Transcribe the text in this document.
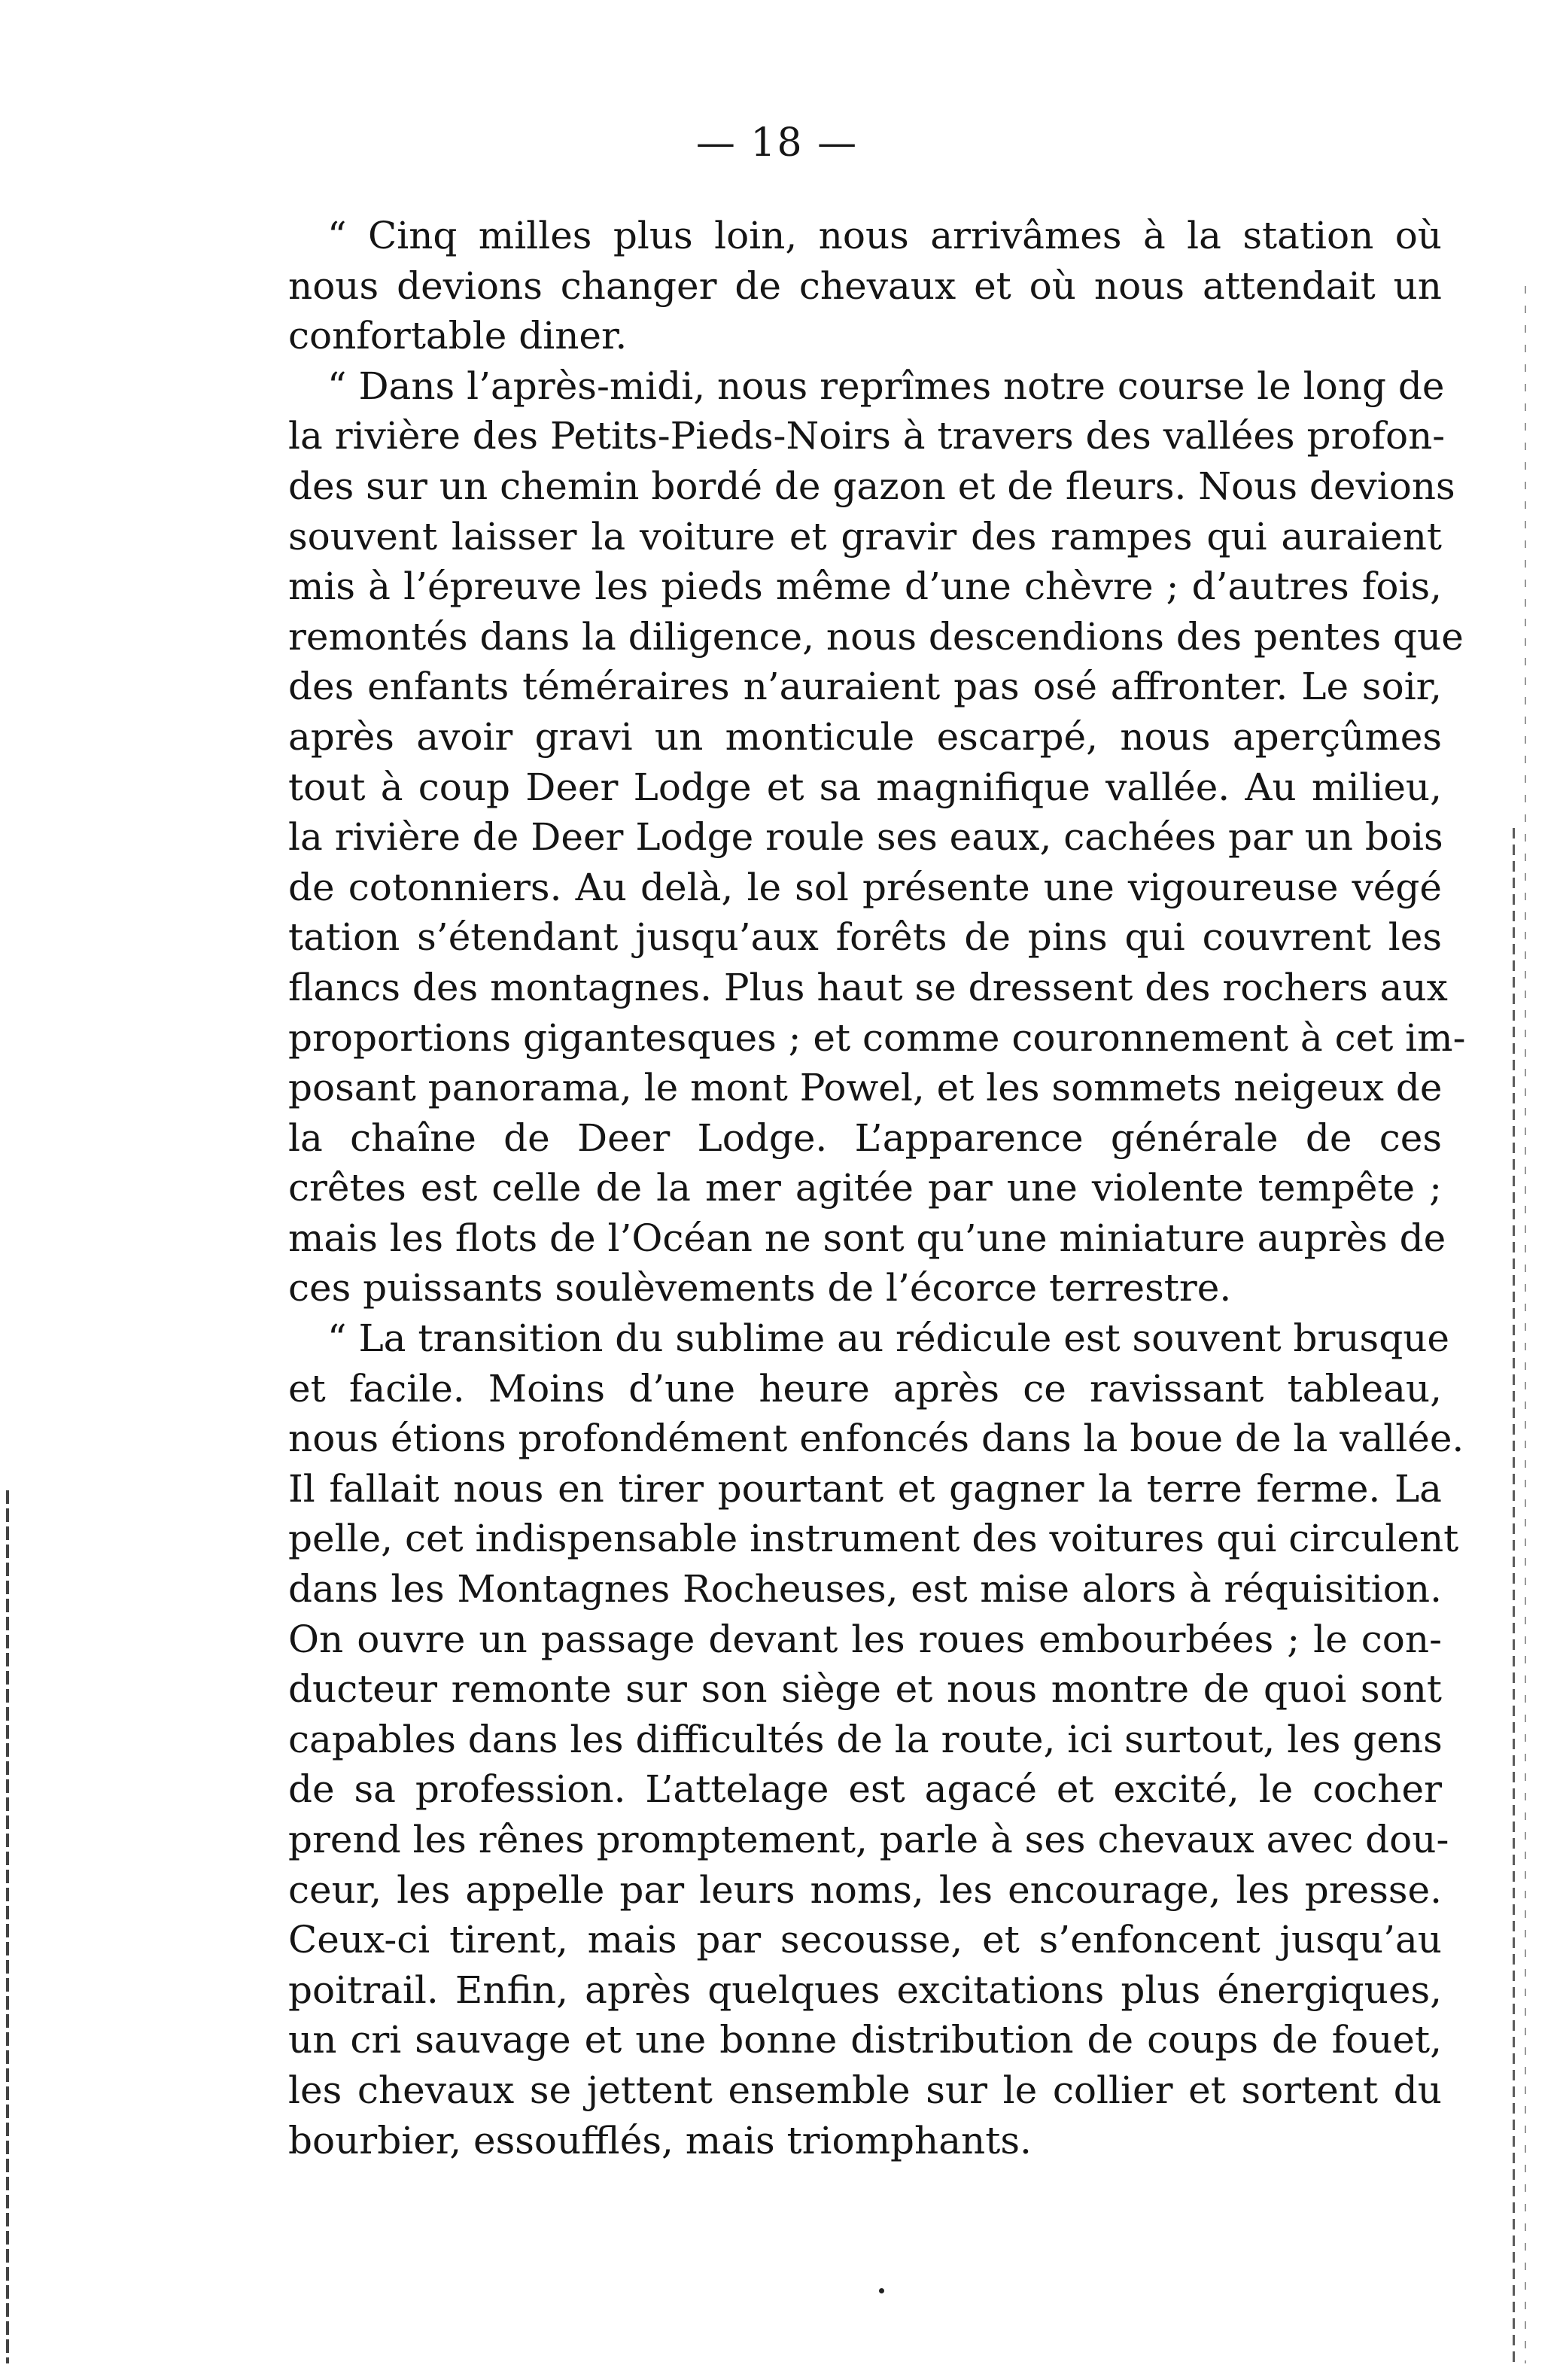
— 18 —
“ Cinq milles plus loin, nous arrivâmes à la station où
nous devions changer de chevaux et où nous attendait un
confortable diner.
“ Dans l’après-midi, nous reprîmes notre course le long de
la rivière des Petits-Pieds-Noirs à travers des vallées profon-
des sur un chemin bordé de gazon et de fleurs. Nous devions
souvent laisser la voiture et gravir des rampes qui auraient
mis à l’épreuve les pieds même d’une chèvre ; d’autres fois,
remontés dans la diligence, nous descendions des pentes que
des enfants téméraires n’auraient pas osé affronter. Le soir,
après avoir gravi un monticule escarpé, nous aperçûmes
tout à coup Deer Lodge et sa magnifique vallée. Au milieu,
la rivière de Deer Lodge roule ses eaux, cachées par un bois
de cotonniers. Au delà, le sol présente une vigoureuse végé
tation s’étendant jusqu’aux forêts de pins qui couvrent les
flancs des montagnes. Plus haut se dressent des rochers aux
proportions gigantesques ; et comme couronnement à cet im-
posant panorama, le mont Powel, et les sommets neigeux de
la chaîne de Deer Lodge. L’apparence générale de ces
crêtes est celle de la mer agitée par une violente tempête ;
mais les flots de l’Océan ne sont qu’une miniature auprès de
ces puissants soulèvements de l’écorce terrestre.
“ La transition du sublime au rédicule est souvent brusque
et facile. Moins d’une heure après ce ravissant tableau,
nous étions profondément enfoncés dans la boue de la vallée.
Il fallait nous en tirer pourtant et gagner la terre ferme. La
pelle, cet indispensable instrument des voitures qui circulent
dans les Montagnes Rocheuses, est mise alors à réquisition.
On ouvre un passage devant les roues embourbées ; le con-
ducteur remonte sur son siège et nous montre de quoi sont
capables dans les difficultés de la route, ici surtout, les gens
de sa profession. L’attelage est agacé et excité, le cocher
prend les rênes promptement, parle à ses chevaux avec dou-
ceur, les appelle par leurs noms, les encourage, les presse.
Ceux-ci tirent, mais par secousse, et s’enfoncent jusqu’au
poitrail. Enfin, après quelques excitations plus énergiques,
un cri sauvage et une bonne distribution de coups de fouet,
les chevaux se jettent ensemble sur le collier et sortent du
bourbier, essoufflés, mais triomphants.
